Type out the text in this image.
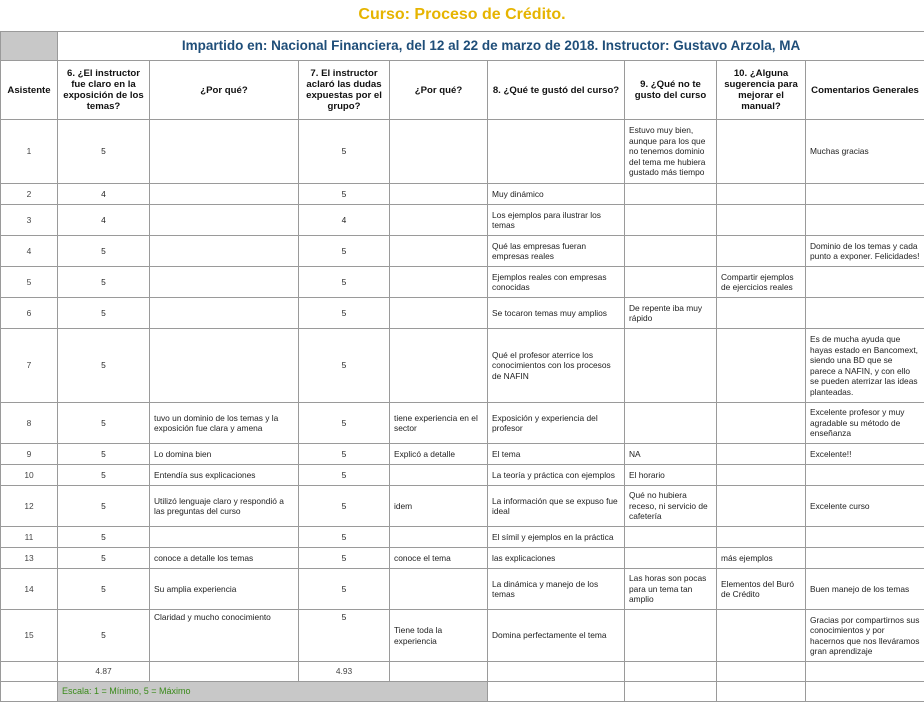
Curso: Proceso de Crédito.
	Impartido en: Nacional Financiera, del 12 al 22 de marzo de 2018. Instructor: Gustavo Arzola, MA							
Asistente	6. ¿El instructor fue claro en la exposición de los temas?	¿Por qué?	7. El instructor aclaró las dudas expuestas por el grupo?	¿Por qué?	8. ¿Qué te gustó del curso?	9. ¿Qué no te gusto del curso	10. ¿Alguna sugerencia para mejorar el manual?	Comentarios Generales
1	5		5			Estuvo muy bien, aunque para los que no tenemos dominio del tema me hubiera gustado más tiempo		Muchas gracias
2	4		5		Muy dinámico			
3	4		4		Los ejemplos para ilustrar los temas			
4	5		5		Qué las empresas fueran empresas reales			Dominio de los temas y cada punto a exponer. Felicidades!
5	5		5		Ejemplos reales con empresas conocidas		Compartir ejemplos de ejercicios reales	
6	5		5		Se tocaron temas muy amplios	De repente iba muy rápido		
7	5		5		Qué el profesor aterrice los conocimientos con los procesos de NAFIN			Es de mucha ayuda que hayas estado en Bancomext, siendo una BD que se parece a NAFIN, y con ello se pueden aterrizar las ideas planteadas.
8	5	tuvo un dominio de los temas y la exposición fue clara y amena	5	tiene experiencia en el sector	Exposición y experiencia del profesor			Excelente profesor y muy agradable su método de enseñanza
9	5	Lo domina bien	5	Explicó a detalle	El tema	NA		Excelente!!
10	5	Entendía sus explicaciones	5		La teoría y práctica con ejemplos	El horario		
12	5	Utilizó lenguaje claro y respondió a las preguntas del curso	5	idem	La información que se expuso fue ideal	Qué no hubiera receso, ni servicio de cafetería		Excelente curso
11	5		5		El símil y ejemplos en la práctica			
13	5	conoce a detalle los temas	5	conoce el tema	las explicaciones		más ejemplos	
14	5	Su amplia experiencia	5		La dinámica y manejo de los temas	Las horas son pocas para un tema tan amplio	Elementos del Buró de Crédito	Buen manejo de los temas
15	5	Claridad y mucho conocimiento	5	Tiene toda la experiencia	Domina perfectamente el tema			Gracias por compartirnos sus conocimientos y por hacernos que nos lleváramos gran aprendizaje
	4.87		4.93					
	Escala: 1 = Mínimo, 5 = Máximo							
